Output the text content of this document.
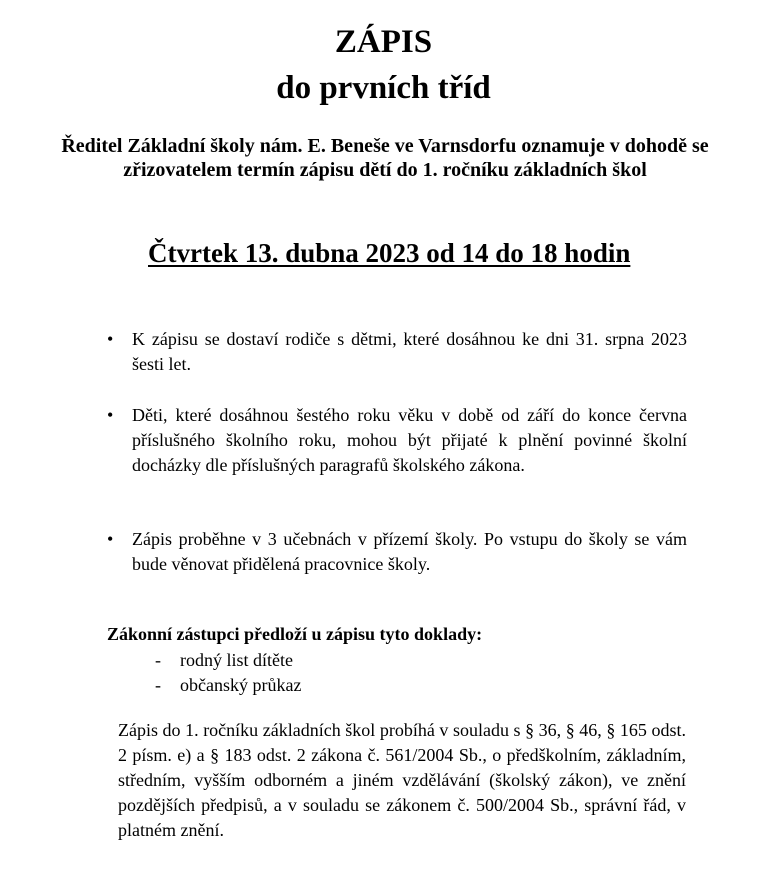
ZÁPIS
do prvních tříd
Ředitel Základní školy nám. E. Beneše ve Varnsdorfu oznamuje v dohodě se zřizovatelem termín zápisu dětí do 1. ročníku základních škol
Čtvrtek 13. dubna 2023 od 14 do 18 hodin
• K zápisu se dostaví rodiče s dětmi, které dosáhnou ke dni 31. srpna 2023 šesti let.
• Děti, které dosáhnou šestého roku věku v době od září do konce června příslušného školního roku, mohou být přijaté k plnění povinné školní docházky dle příslušných paragrafů školského zákona.
• Zápis proběhne v 3 učebnách v přízemí školy. Po vstupu do školy se vám bude věnovat přidělená pracovnice školy.
Zákonní zástupci předloží u zápisu tyto doklady:
- rodný list dítěte
- občanský průkaz
Zápis do 1. ročníku základních škol probíhá v souladu s § 36, § 46, § 165 odst. 2 písm. e) a § 183 odst. 2 zákona č. 561/2004 Sb., o předškolním, základním, středním, vyšším odborném a jiném vzdělávání (školský zákon), ve znění pozdějších předpisů, a v souladu se zákonem č. 500/2004 Sb., správní řád, v platném znění.
